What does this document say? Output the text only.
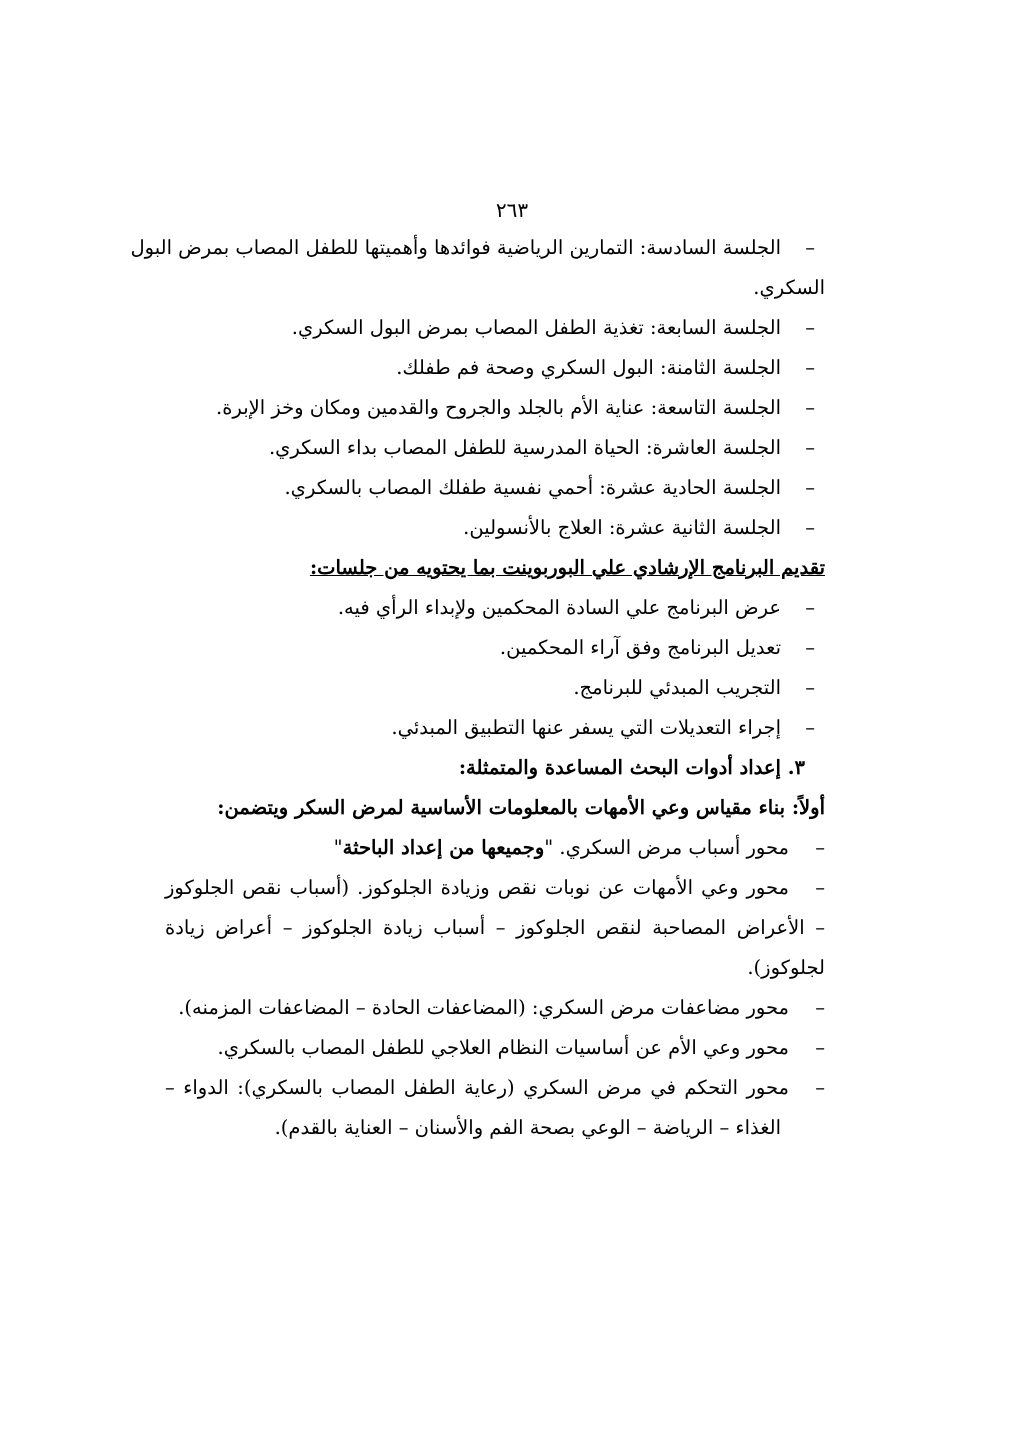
٢٦٣
–
الجلسة السادسة: التمارين الرياضية فوائدها وأهميتها للطفل المصاب بمرض البول
السكري.
–
الجلسة السابعة: تغذية الطفل المصاب بمرض البول السكري.
–
الجلسة الثامنة: البول السكري وصحة فم طفلك.
–
الجلسة التاسعة: عناية الأم بالجلد والجروح والقدمين ومكان وخز الإبرة.
–
الجلسة العاشرة: الحياة المدرسية للطفل المصاب بداء السكري.
–
الجلسة الحادية عشرة: أحمي نفسية طفلك المصاب بالسكري.
–
الجلسة الثانية عشرة: العلاج بالأنسولين.
تقديم البرنامج الإرشادي علي البوربوينت بما يحتويه من جلسات:
–
عرض البرنامج علي السادة المحكمين ولإبداء الرأي فيه.
–
تعديل البرنامج وفق آراء المحكمين.
–
التجريب المبدئي للبرنامج.
–
إجراء التعديلات التي يسفر عنها التطبيق المبدئي.
٣. إعداد أدوات البحث المساعدة والمتمثلة:
أولاً: بناء مقياس وعي الأمهات بالمعلومات الأساسية لمرض السكر ويتضمن:
–
محور أسباب مرض السكري. "وجميعها من إعداد الباحثة"
–
محور وعي الأمهات عن نوبات نقص وزيادة الجلوكوز. (أسباب نقص الجلوكوز
– الأعراض المصاحبة لنقص الجلوكوز – أسباب زيادة الجلوكوز – أعراض زيادة
لجلوكوز).
–
محور مضاعفات مرض السكري: (المضاعفات الحادة – المضاعفات المزمنه).
–
محور وعي الأم عن أساسيات النظام العلاجي للطفل المصاب بالسكري.
–
محور التحكم في مرض السكري (رعاية الطفل المصاب بالسكري): الدواء –
الغذاء – الرياضة – الوعي بصحة الفم والأسنان – العناية بالقدم).
